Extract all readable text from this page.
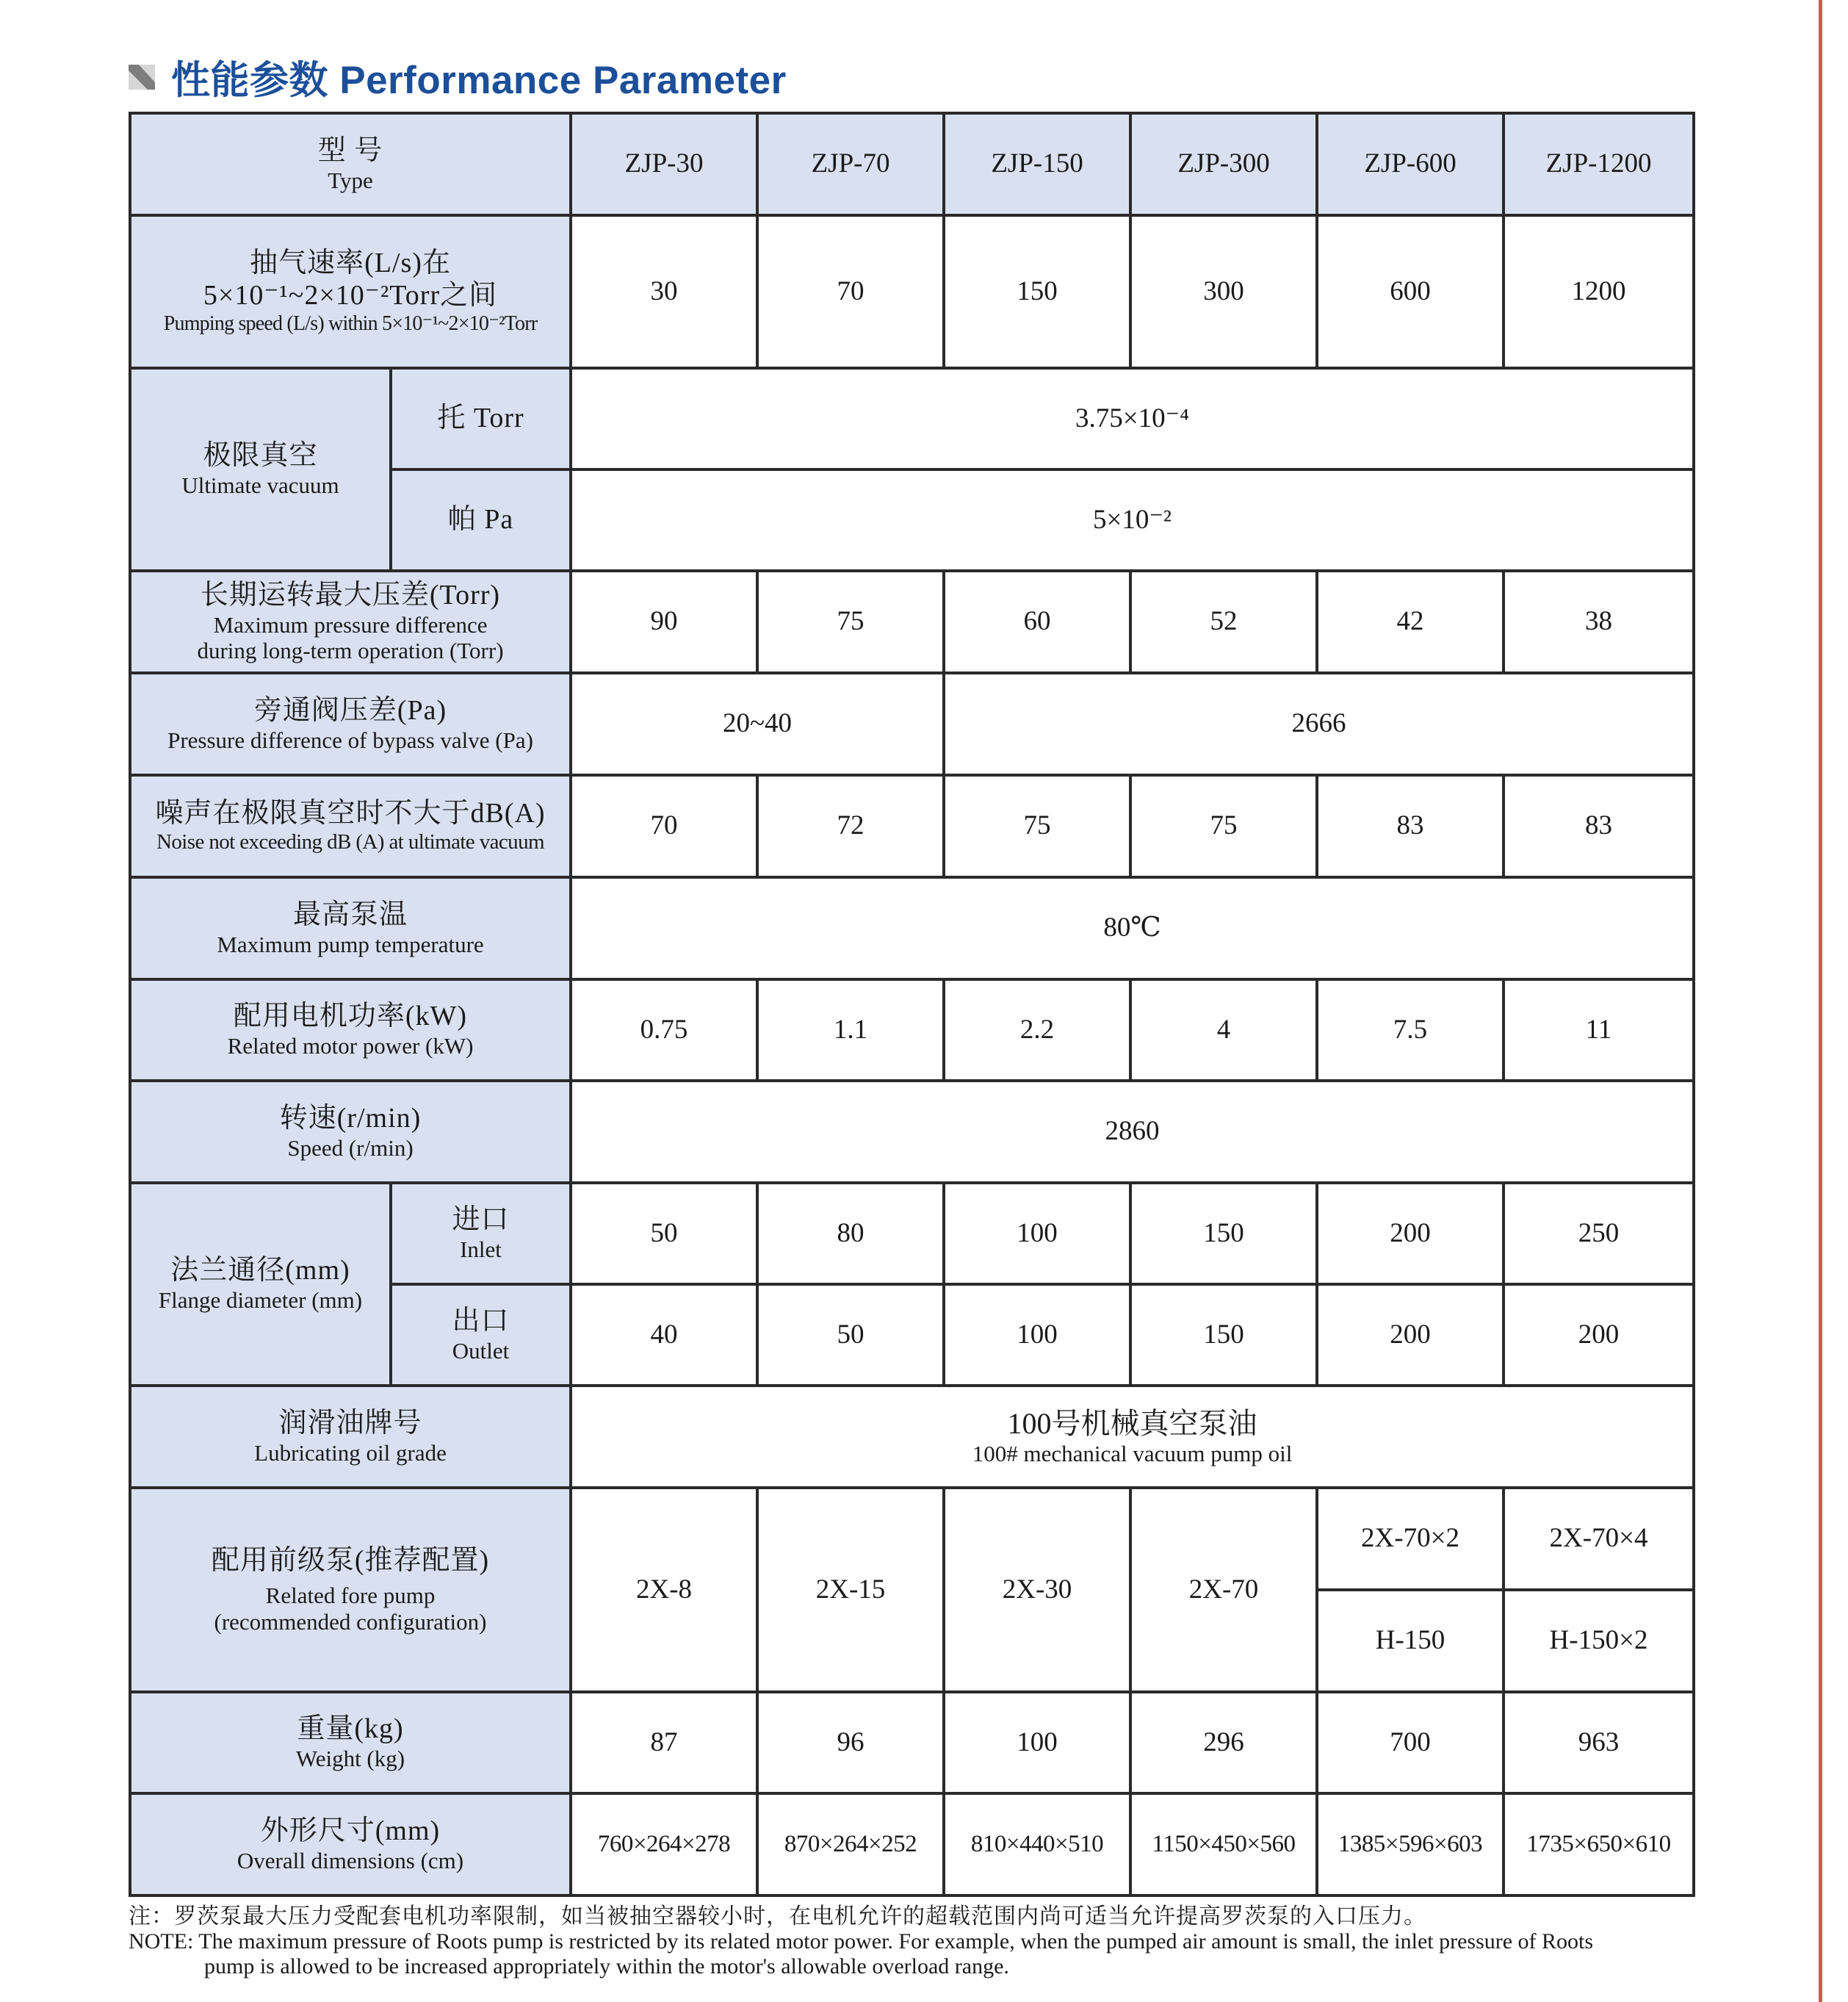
性能参数 Performance Parameter
型 号
Type		ZJP-30	ZJP-70	ZJP-150	ZJP-300	ZJP-600	ZJP-1200

抽气速率(L/s)在 5×10⁻¹~2×10⁻²Torr之间
Pumping speed (L/s) within 5×10⁻¹~2×10⁻²Torr		30	70	150	300	600	1200

极限真空
Ultimate vacuum	托 Torr	3.75×10⁻⁴					

	帕 Pa	5×10⁻²					

长期运转最大压差(Torr)
Maximum pressure difference
during long-term operation (Torr)		90	75	60	52	42	38

旁通阀压差(Pa)
Pressure difference of bypass valve (Pa)		20~40		2666			

噪声在极限真空时不大于dB(A)
Noise not exceeding dB (A) at ultimate vacuum		70	72	75	75	83	83

最高泵温
Maximum pump temperature		80℃					

配用电机功率(kW)
Related motor power (kW)		0.75	1.1	2.2	4	7.5	11

转速(r/min)
Speed (r/min)		2860					

法兰通径(mm)
Flange diameter (mm)	进口
Inlet	50	80	100	150	200	250

	出口
Outlet	40	50	100	150	200	200

润滑油牌号
Lubricating oil grade		100号机械真空泵油
100# mechanical vacuum pump oil					

配用前级泵(推荐配置)
Related fore pump
(recommended configuration)		2X-8	2X-15	2X-30	2X-70	2X-70×2	2X-70×4
						H-150	H-150×2

重量(kg)
Weight (kg)		87	96	100	296	700	963

外形尺寸(mm)
Overall dimensions (cm)		760×264×278	870×264×252	810×440×510	1150×450×560	1385×596×603	1735×650×610
注：罗茨泵最大压力受配套电机功率限制，如当被抽空器较小时，在电机允许的超载范围内尚可适当允许提高罗茨泵的入口压力。
NOTE: The maximum pressure of Roots pump is restricted by its related motor power. For example, when the pumped air amount is small, the inlet pressure of Roots
pump is allowed to be increased appropriately within the motor's allowable overload range.
